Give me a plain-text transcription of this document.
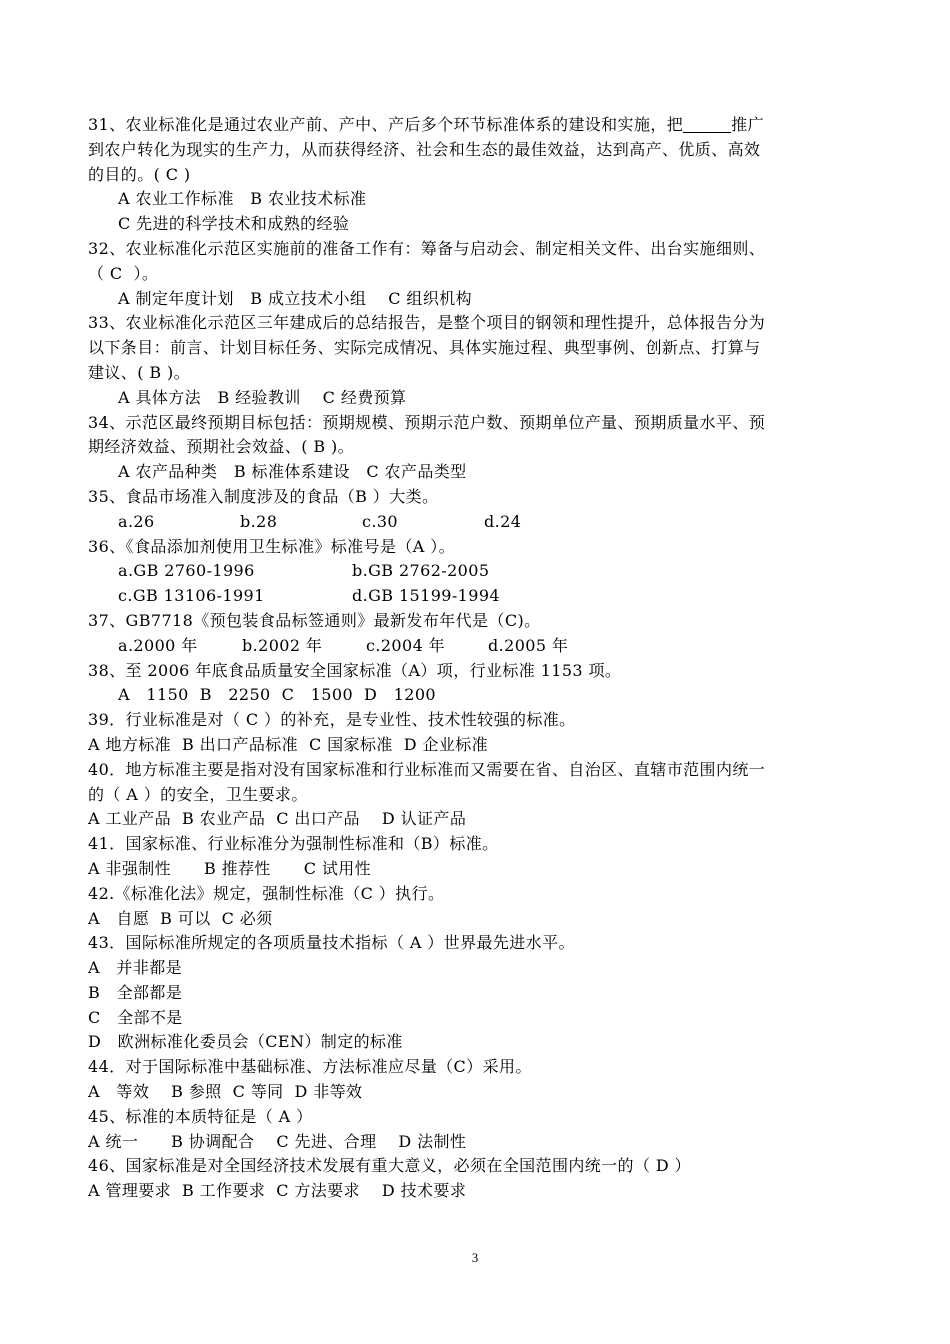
31、农业标准化是通过农业产前、产中、产后多个环节标准体系的建设和实施，把	推广
到农户转化为现实的生产力，从而获得经济、社会和生态的最佳效益，达到高产、优质、高效
的目的。( C )
A 农业工作标准   B 农业技术标准
C 先进的科学技术和成熟的经验
32、农业标准化示范区实施前的准备工作有：筹备与启动会、制定相关文件、出台实施细则、
（ C  ）。
A 制定年度计划   B 成立技术小组    C 组织机构
33、农业标准化示范区三年建成后的总结报告，是整个项目的钢领和理性提升，总体报告分为
以下条目：前言、计划目标任务、实际完成情况、具体实施过程、典型事例、创新点、打算与
建议、( B )。
A 具体方法   B 经验教训    C 经费预算
34、示范区最终预期目标包括：预期规模、预期示范户数、预期单位产量、预期质量水平、预
期经济效益、预期社会效益、( B )。
A 农产品种类   B 标准体系建设   C 农产品类型
35、食品市场准入制度涉及的食品（B ）大类。
a.26	b.28	c.30	d.24
36、《食品添加剂使用卫生标准》标准号是（A ）。
a.GB 2760-1996	b.GB 2762-2005
c.GB 13106-1991	d.GB 15199-1994
37、GB7718《预包装食品标签通则》最新发布年代是（C)。
a.2000 年	b.2002 年	c.2004 年	d.2005 年
38、至 2006 年底食品质量安全国家标准（A）项，行业标准 1153 项。
A   1150  B   2250  C   1500  D   1200
39．行业标准是对（ C ）的补充，是专业性、技术性较强的标准。
A 地方标准  B 出口产品标准  C 国家标准  D 企业标准
40．地方标准主要是指对没有国家标准和行业标准而又需要在省、自治区、直辖市范围内统一
的（ A ）的安全，卫生要求。
A 工业产品  B 农业产品  C 出口产品    D 认证产品
41．国家标准、行业标准分为强制性标准和（B）标准。
A 非强制性      B 推荐性      C 试用性
42.《标准化法》规定，强制性标准（C ）执行。
A   自愿  B 可以  C 必须
43．国际标准所规定的各项质量技术指标（ A ）世界最先进水平。
A   并非都是
B   全部都是
C   全部不是
D   欧洲标准化委员会（CEN）制定的标准
44．对于国际标准中基础标准、方法标准应尽量（C）采用。
A   等效    B 参照  C 等同  D 非等效
45、标准的本质特征是（ A ）
A 统一      B 协调配合    C 先进、合理    D 法制性
46、国家标准是对全国经济技术发展有重大意义，必须在全国范围内统一的（ D ）
A 管理要求  B 工作要求  C 方法要求    D 技术要求
3
